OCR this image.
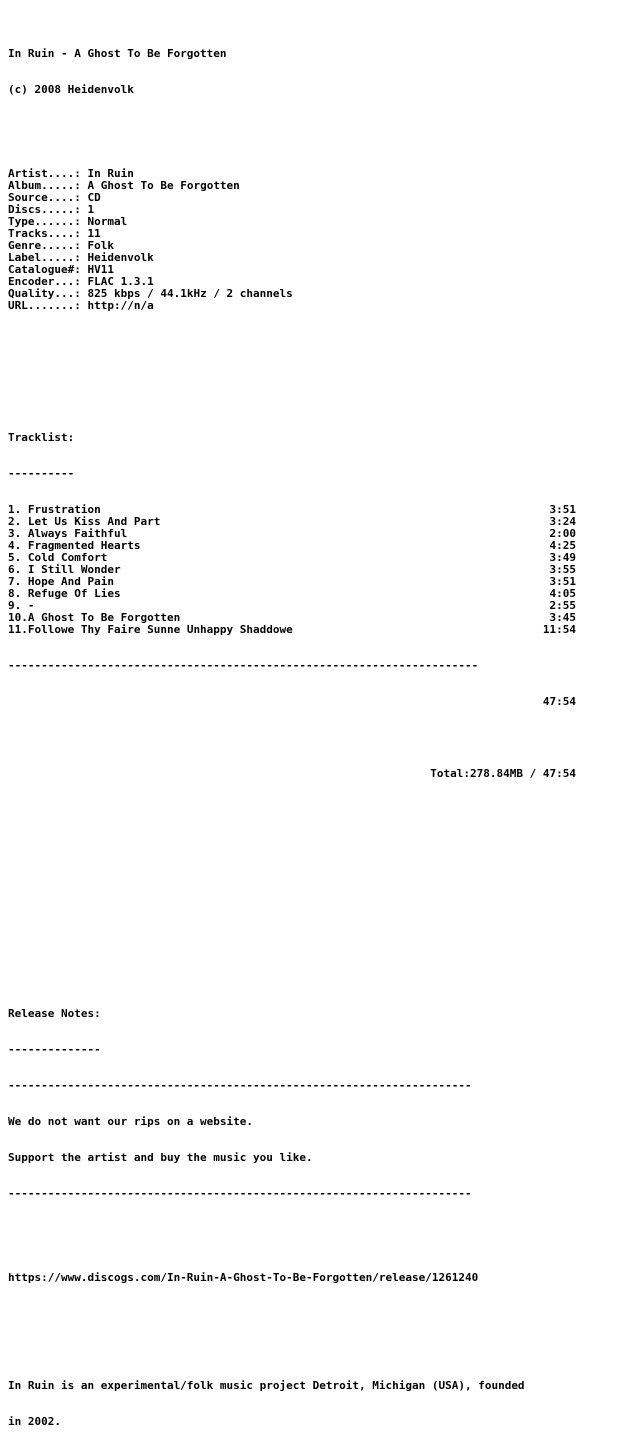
In Ruin - A Ghost To Be Forgotten

(c) 2008 Heidenvolk

Artist....: In Ruin
Album.....: A Ghost To Be Forgotten
Source....: CD
Discs.....: 1
Type......: Normal
Tracks....: 11
Genre.....: Folk
Label.....: Heidenvolk
Catalogue#: HV11
Encoder...: FLAC 1.3.1
Quality...: 825 kbps / 44.1kHz / 2 channels
URL.......: http://n/a

Tracklist:

----------

1. Frustration	3:51
2. Let Us Kiss And Part	3:24
3. Always Faithful	2:00
4. Fragmented Hearts	4:25
5. Cold Comfort	3:49
6. I Still Wonder	3:55
7. Hope And Pain	3:51
8. Refuge Of Lies	4:05
9. -	2:55
10. A Ghost To Be Forgotten	3:45
11. Followe Thy Faire Sunne Unhappy Shaddowe	11:54

-----------------------------------------------------------------------

47:54

Total:278.84MB / 47:54

Release Notes:

--------------

----------------------------------------------------------------------

We do not want our rips on a website.

Support the artist and buy the music you like.

----------------------------------------------------------------------

https://www.discogs.com/In-Ruin-A-Ghost-To-Be-Forgotten/release/1261240

In Ruin is an experimental/folk music project Detroit, Michigan (USA), founded

in 2002.
